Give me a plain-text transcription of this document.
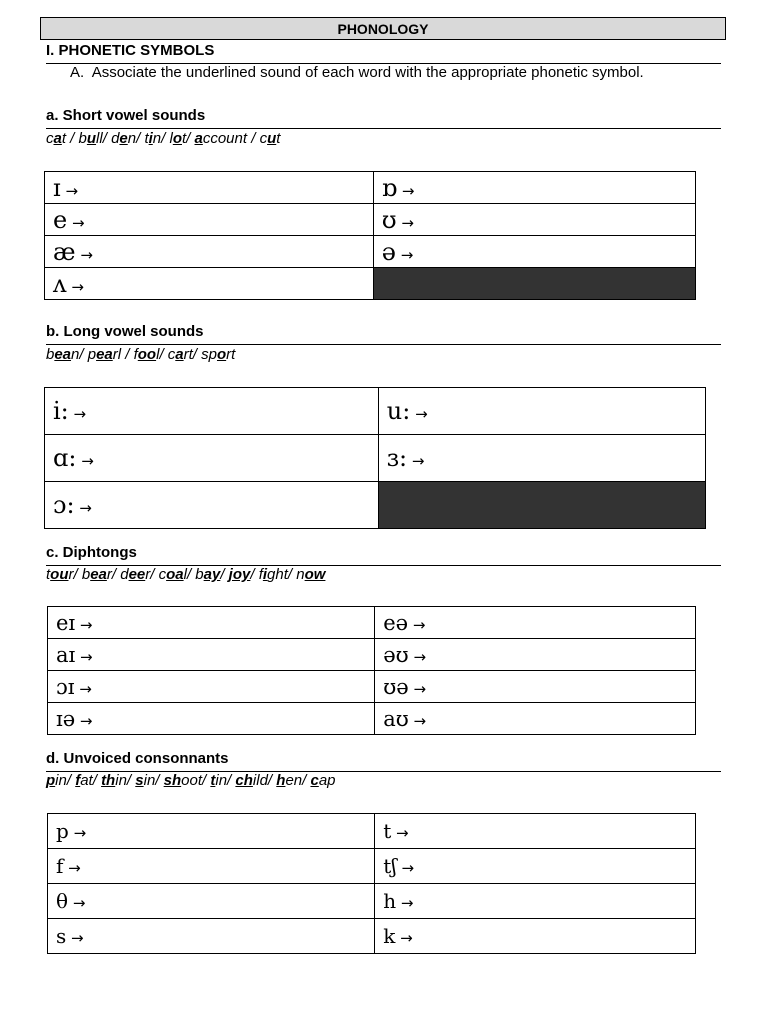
PHONOLOGY
I. PHONETIC SYMBOLS
A. Associate the underlined sound of each word with the appropriate phonetic symbol.
a. Short vowel sounds
cat / bull/ den/ tin/ lot/ account / cut
ɪ →	ɒ →
e →	ʊ →
æ →	ə →
ʌ →	
b. Long vowel sounds
bean/ pearl / fool/ cart/ sport
i: →	u: →
ɑ: →	ɜ: →
ɔ: →	
c. Diphtongs
tour/ bear/ deer/ coal/ bay/ joy/ fight/ now
eɪ →	eə →
aɪ →	əʊ →
ɔɪ →	ʊə →
ɪə →	aʊ →
d. Unvoiced consonnants
pin/ fat/ thin/ sin/ shoot/ tin/ child/ hen/ cap
p →	t →
f →	tʃ →
θ →	h →
s →	k →
